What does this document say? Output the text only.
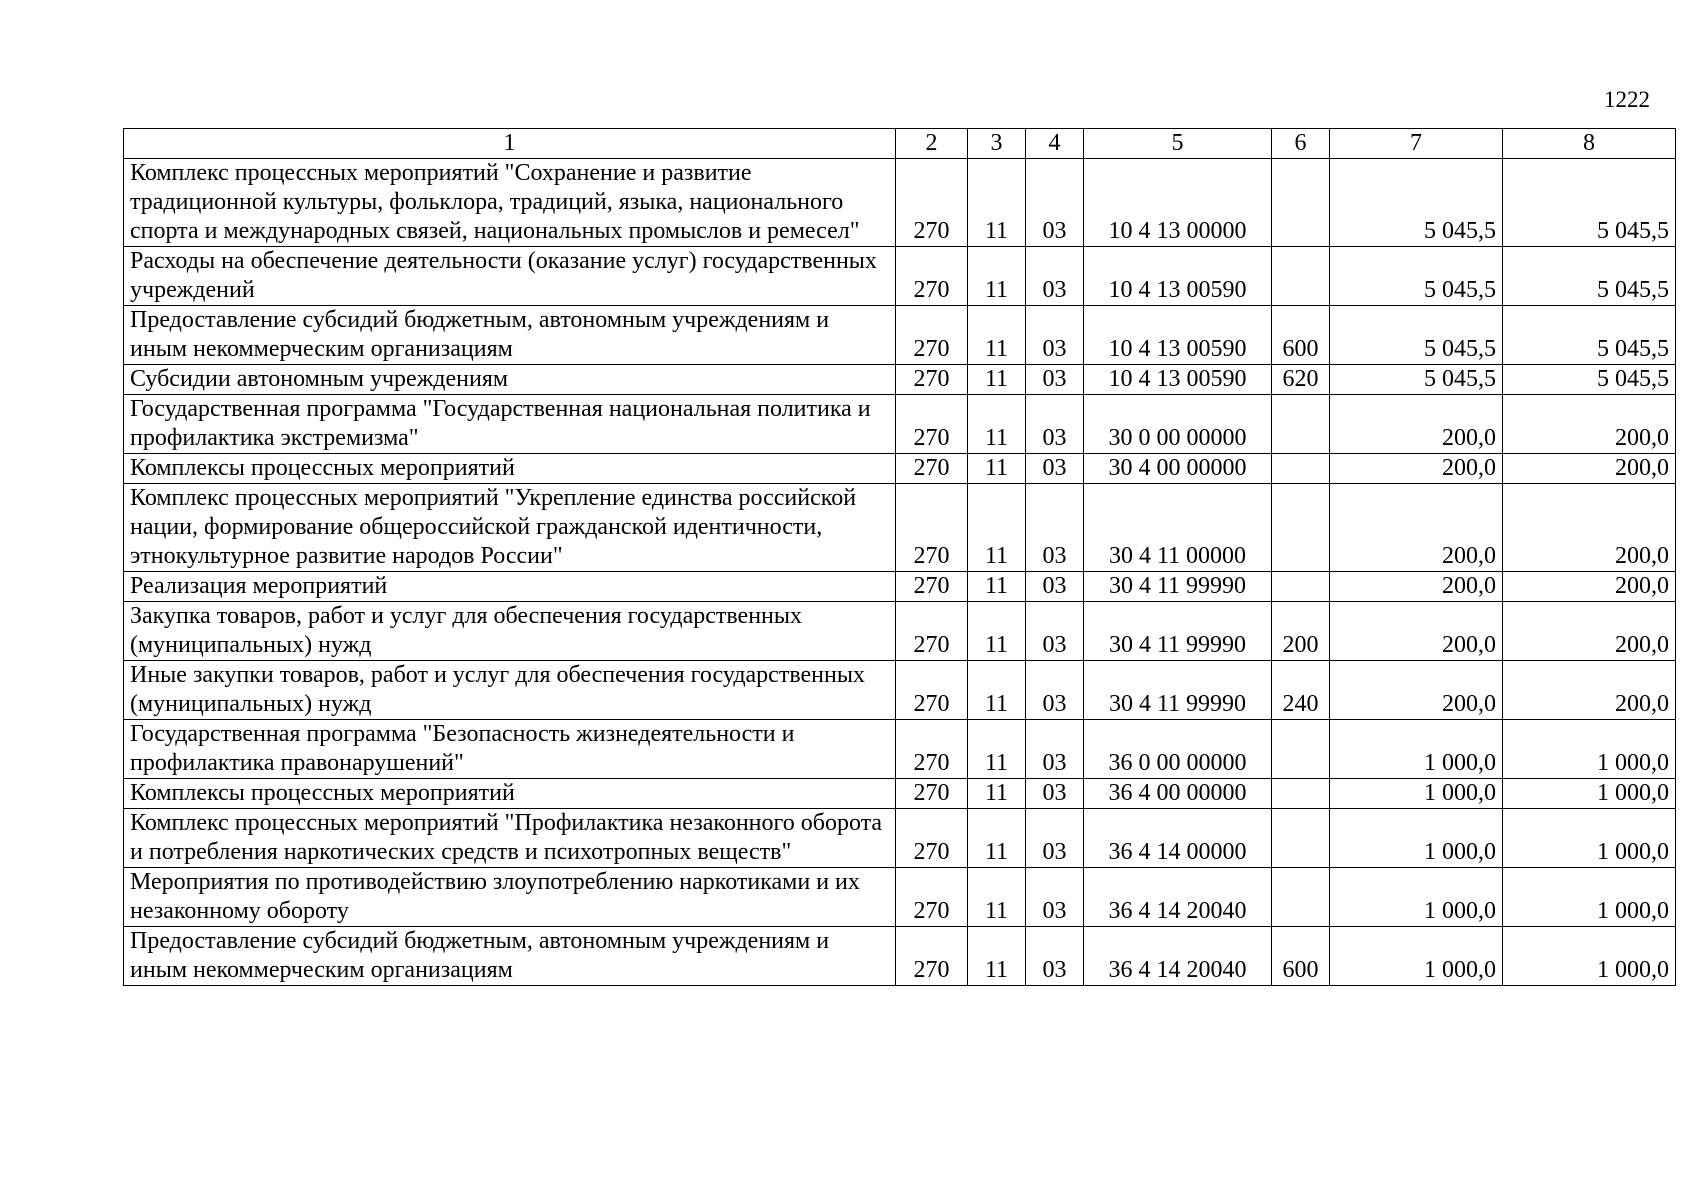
1222
1	2	3	4	5	6	7	8
Комплекс процессных мероприятий "Сохранение и развитие традиционной культуры, фольклора, традиций, языка, национального спорта и международных связей, национальных промыслов и ремесел"	270	11	03	10 4 13 00000		5 045,5	5 045,5
Расходы на обеспечение деятельности (оказание услуг) государственных учреждений	270	11	03	10 4 13 00590		5 045,5	5 045,5
Предоставление субсидий бюджетным, автономным учреждениям и иным некоммерческим организациям	270	11	03	10 4 13 00590	600	5 045,5	5 045,5
Субсидии автономным учреждениям	270	11	03	10 4 13 00590	620	5 045,5	5 045,5
Государственная программа "Государственная национальная политика и профилактика экстремизма"	270	11	03	30 0 00 00000		200,0	200,0
Комплексы процессных мероприятий	270	11	03	30 4 00 00000		200,0	200,0
Комплекс процессных мероприятий "Укрепление единства российской нации, формирование общероссийской гражданской идентичности, этнокультурное развитие народов России"	270	11	03	30 4 11 00000		200,0	200,0
Реализация мероприятий	270	11	03	30 4 11 99990		200,0	200,0
Закупка товаров, работ и услуг для обеспечения государственных (муниципальных) нужд	270	11	03	30 4 11 99990	200	200,0	200,0
Иные закупки товаров, работ и услуг для обеспечения государственных (муниципальных) нужд	270	11	03	30 4 11 99990	240	200,0	200,0
Государственная программа "Безопасность жизнедеятельности и профилактика правонарушений"	270	11	03	36 0 00 00000		1 000,0	1 000,0
Комплексы процессных мероприятий	270	11	03	36 4 00 00000		1 000,0	1 000,0
Комплекс процессных мероприятий "Профилактика незаконного оборота и потребления наркотических средств и психотропных веществ"	270	11	03	36 4 14 00000		1 000,0	1 000,0
Мероприятия по противодействию злоупотреблению наркотиками и их незаконному обороту	270	11	03	36 4 14 20040		1 000,0	1 000,0
Предоставление субсидий бюджетным, автономным учреждениям и иным некоммерческим организациям	270	11	03	36 4 14 20040	600	1 000,0	1 000,0
